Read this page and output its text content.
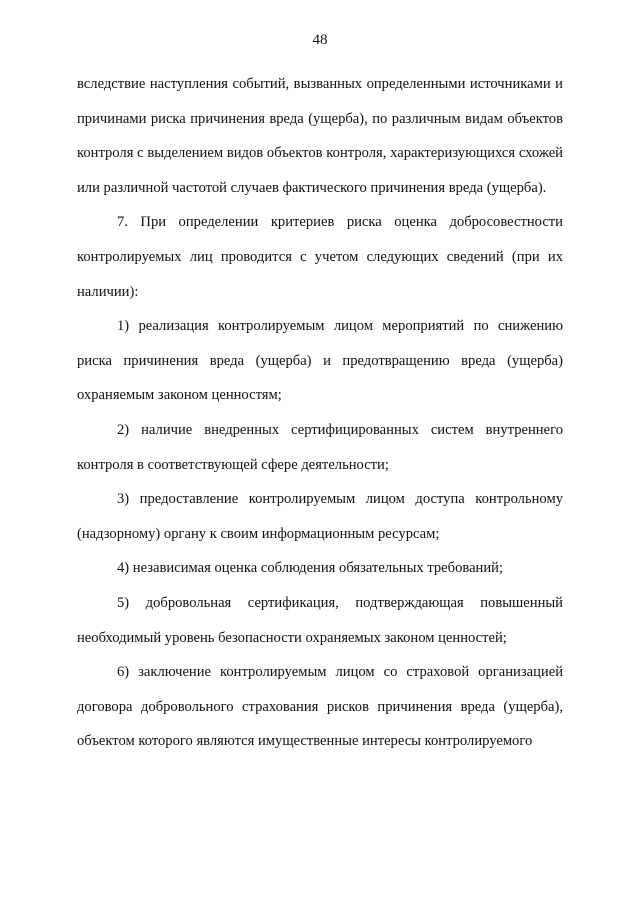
48

вследствие наступления событий, вызванных определенными источниками и причинами риска причинения вреда (ущерба), по различным видам объектов контроля с выделением видов объектов контроля, характеризующихся схожей или различной частотой случаев фактического причинения вреда (ущерба).

7. При определении критериев риска оценка добросовестности контролируемых лиц проводится с учетом следующих сведений (при их наличии):

1) реализация контролируемым лицом мероприятий по снижению риска причинения вреда (ущерба) и предотвращению вреда (ущерба) охраняемым законом ценностям;

2) наличие внедренных сертифицированных систем внутреннего контроля в соответствующей сфере деятельности;

3) предоставление контролируемым лицом доступа контрольному (надзорному) органу к своим информационным ресурсам;

4) независимая оценка соблюдения обязательных требований;

5) добровольная сертификация, подтверждающая повышенный необходимый уровень безопасности охраняемых законом ценностей;

6) заключение контролируемым лицом со страховой организацией договора добровольного страхования рисков причинения вреда (ущерба), объектом которого являются имущественные интересы контролируемого
